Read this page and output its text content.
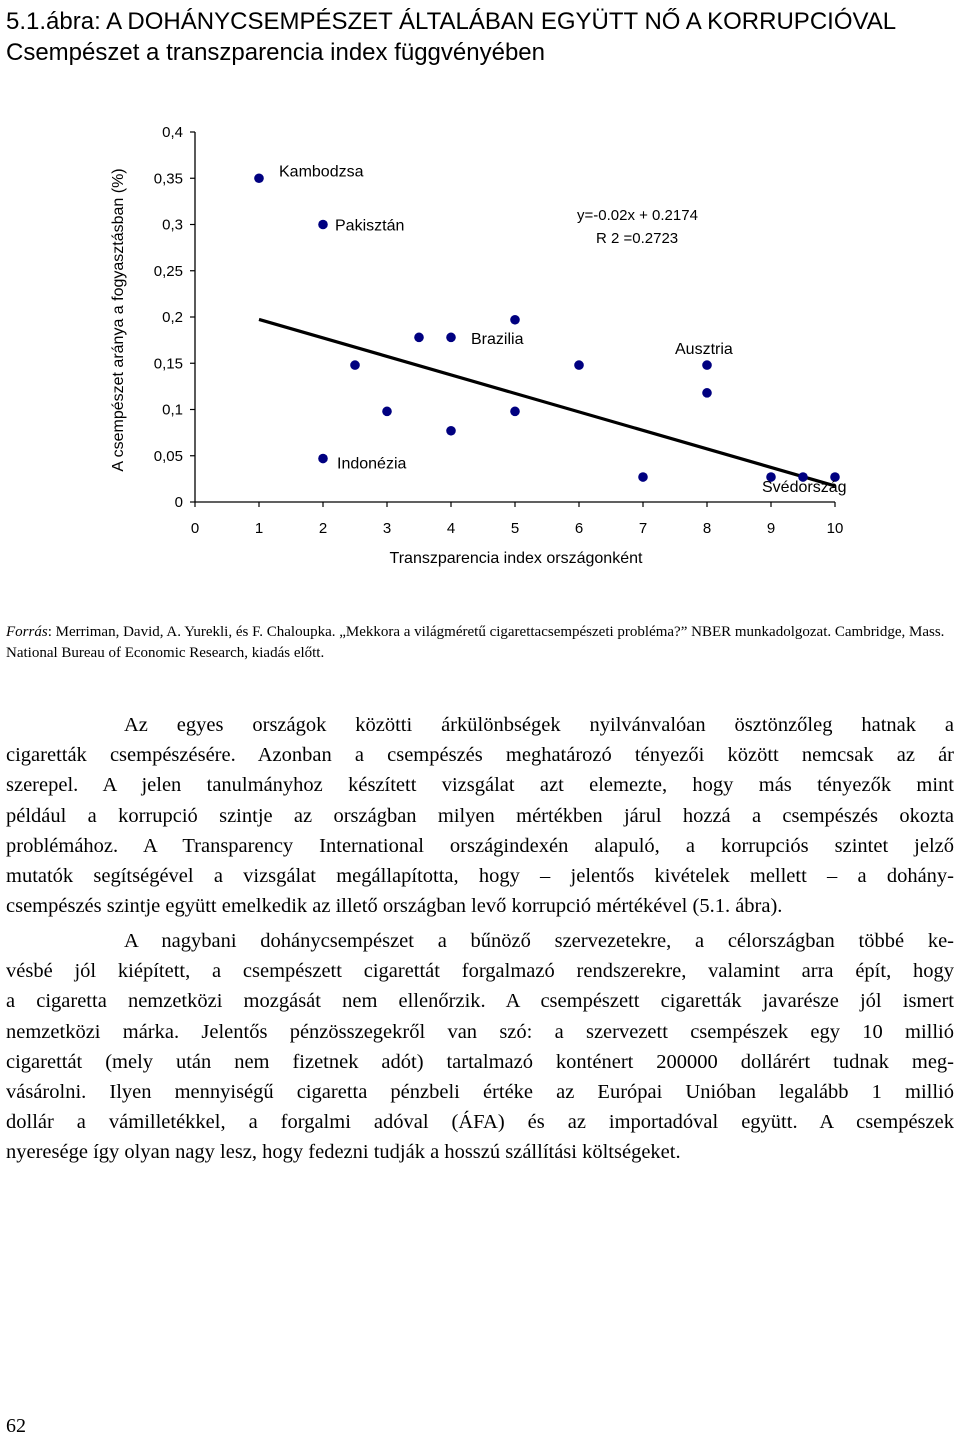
5.1.ábra: A DOHÁNYCSEMPÉSZET ÁLTALÁBAN EGYÜTT NŐ A KORRUPCIÓVAL
Csempészet a transzparencia index függvényében
0
0,05
0,1
0,15
0,2
0,25
0,3
0,35
0,4
0	1	2	3	4	5	6	7	8	9	10
Kambodzsa
Pakisztán
Indonézia
Brazilia
Ausztria
Svédország
y=-0.02x + 0.2174
R 2 =0.2723
Transzparencia index országonként
A csempészet aránya a fogyasztásban (%)
Forrás: Merriman, David, A. Yurekli, és F. Chaloupka. „Mekkora a világméretű cigarettacsempészeti probléma?” NBER munkadolgozat. Cambridge, Mass. National Bureau of Economic Research, kiadás előtt.
Az egyes országok közötti árkülönbségek nyilvánvalóan ösztönzőleg hatnak a
cigaretták csempészésére. Azonban a csempészés meghatározó tényezői között nemcsak az ár
szerepel. A jelen tanulmányhoz készített vizsgálat azt elemezte, hogy más tényezők mint
például a korrupció szintje az országban milyen mértékben járul hozzá a csempészés okozta
problémához. A Transparency International országindexén alapuló, a korrupciós szintet jelző
mutatók segítségével a vizsgálat megállapította, hogy – jelentős kivételek mellett – a dohány-
csempészés szintje együtt emelkedik az illető országban levő korrupció mértékével (5.1. ábra).
A nagybani dohánycsempészet a bűnöző szervezetekre, a célországban többé ke-
vésbé jól kiépített, a csempészett cigarettát forgalmazó rendszerekre, valamint arra épít, hogy
a cigaretta nemzetközi mozgását nem ellenőrzik. A csempészett cigaretták javarésze jól ismert
nemzetközi márka. Jelentős pénzösszegekről van szó: a szervezett csempészek egy 10 millió
cigarettát (mely után nem fizetnek adót) tartalmazó konténert 200000 dollárért tudnak meg-
vásárolni. Ilyen mennyiségű cigaretta pénzbeli értéke az Európai Unióban legalább 1 millió
dollár a vámilletékkel, a forgalmi adóval (ÁFA) és az importadóval együtt. A csempészek
nyeresége így olyan nagy lesz, hogy fedezni tudják a hosszú szállítási költségeket.
62
